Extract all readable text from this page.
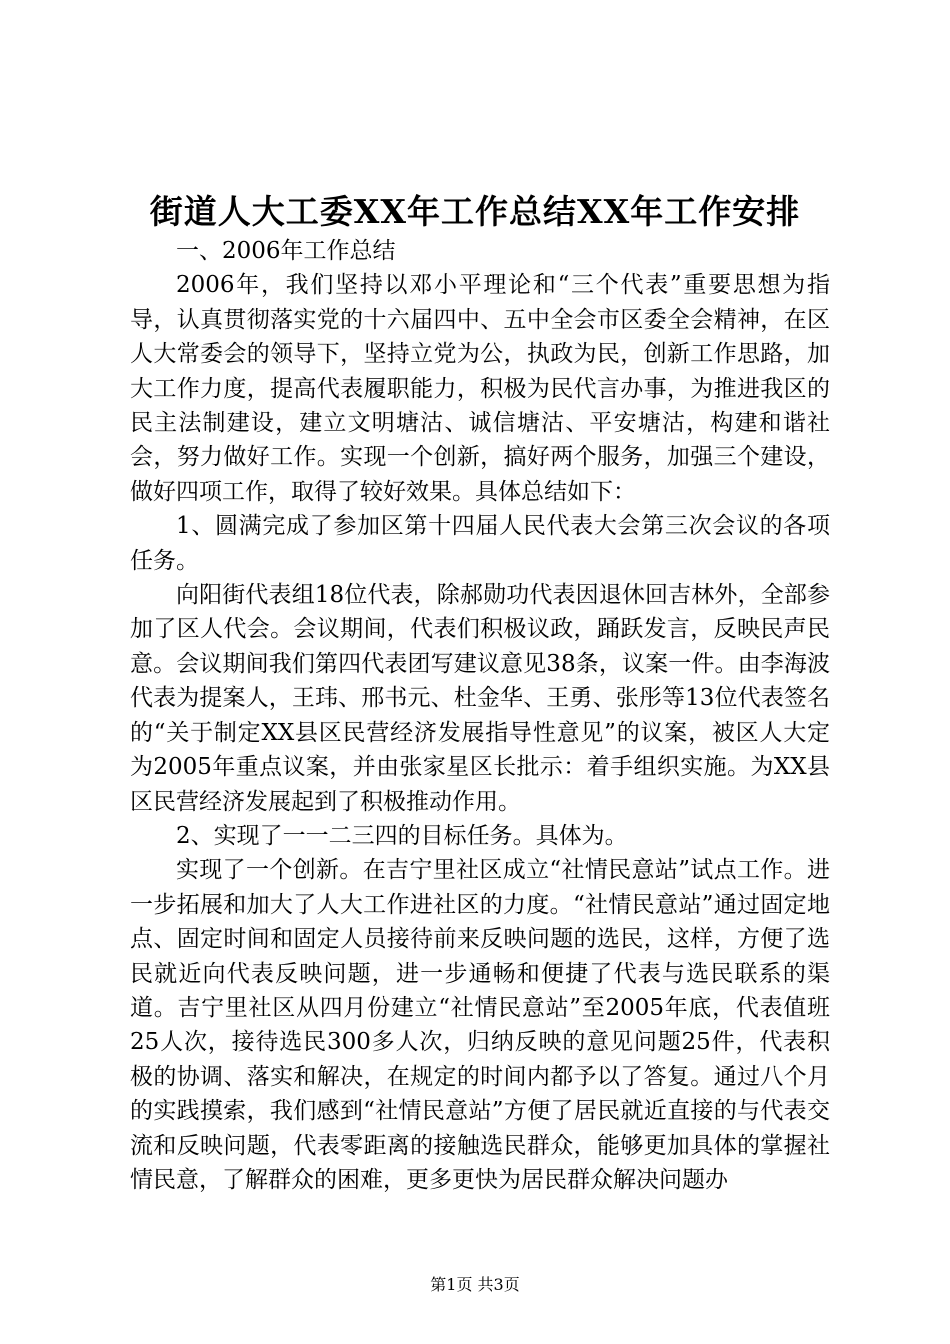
街道人大工委XX年工作总结XX年工作安排

一、2006年工作总结

2006年，我们坚持以邓小平理论和“三个代表”重要思想为指导，认真贯彻落实党的十六届四中、五中全会市区委全会精神，在区人大常委会的领导下，坚持立党为公，执政为民，创新工作思路，加大工作力度，提高代表履职能力，积极为民代言办事，为推进我区的民主法制建设，建立文明塘沽、诚信塘沽、平安塘沽，构建和谐社会，努力做好工作。实现一个创新，搞好两个服务，加强三个建设，做好四项工作，取得了较好效果。具体总结如下：

1、圆满完成了参加区第十四届人民代表大会第三次会议的各项任务。

向阳街代表组18位代表，除郝勋功代表因退休回吉林外，全部参加了区人代会。会议期间，代表们积极议政，踊跃发言，反映民声民意。会议期间我们第四代表团写建议意见38条，议案一件。由李海波代表为提案人，王玮、邢书元、杜金华、王勇、张彤等13位代表签名的“关于制定XX县区民营经济发展指导性意见”的议案，被区人大定为2005年重点议案，并由张家星区长批示：着手组织实施。为XX县区民营经济发展起到了积极推动作用。

2、实现了一一二三四的目标任务。具体为。

实现了一个创新。在吉宁里社区成立“社情民意站”试点工作。进一步拓展和加大了人大工作进社区的力度。“社情民意站”通过固定地点、固定时间和固定人员接待前来反映问题的选民，这样，方便了选民就近向代表反映问题，进一步通畅和便捷了代表与选民联系的渠道。吉宁里社区从四月份建立“社情民意站”至2005年底，代表值班25人次，接待选民300多人次，归纳反映的意见问题25件，代表积极的协调、落实和解决，在规定的时间内都予以了答复。通过八个月的实践摸索，我们感到“社情民意站”方便了居民就近直接的与代表交流和反映问题，代表零距离的接触选民群众，能够更加具体的掌握社情民意，了解群众的困难，更多更快为居民群众解决问题办

第1页 共3页
